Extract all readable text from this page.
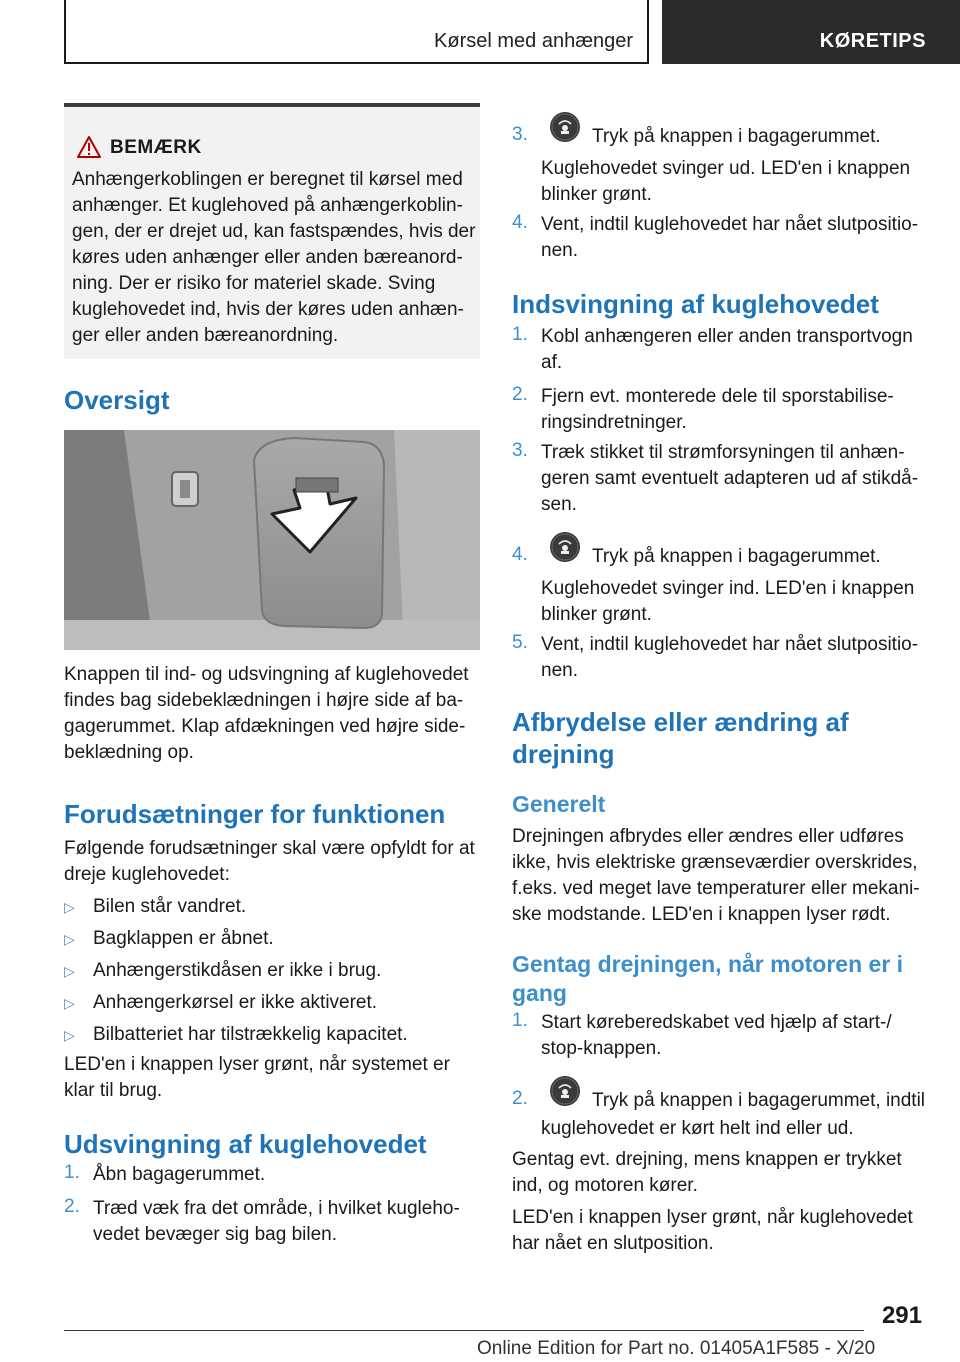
Kørsel med anhænger	KØRETIPS
BEMÆRK
Anhængerkoblingen er beregnet til kørsel med
anhænger. Et kuglehoved på anhængerkoblin‐
gen, der er drejet ud, kan fastspændes, hvis der
køres uden anhænger eller anden bæreanord‐
ning. Der er risiko for materiel skade. Sving
kuglehovedet ind, hvis der køres uden anhæn‐
ger eller anden bæreanordning.
Oversigt
Knappen til ind- og udsvingning af kuglehovedet
findes bag sidebeklædningen i højre side af ba‐
gagerummet. Klap afdækningen ved højre side‐
beklædning op.
Forudsætninger for funktionen
Følgende forudsætninger skal være opfyldt for at
dreje kuglehovedet:
▷ Bilen står vandret.
▷ Bagklappen er åbnet.
▷ Anhængerstikdåsen er ikke i brug.
▷ Anhængerkørsel er ikke aktiveret.
▷ Bilbatteriet har tilstrækkelig kapacitet.
LED'en i knappen lyser grønt, når systemet er
klar til brug.
Udsvingning af kuglehovedet
1. Åbn bagagerummet.
2. Træd væk fra det område, i hvilket kugleho‐
vedet bevæger sig bag bilen.
3.	Tryk på knappen i bagagerummet.
Kuglehovedet svinger ud. LED'en i knappen
blinker grønt.
4. Vent, indtil kuglehovedet har nået slutpositio‐
nen.
Indsvingning af kuglehovedet
1. Kobl anhængeren eller anden transportvogn
af.
2. Fjern evt. monterede dele til sporstabilise‐
ringsindretninger.
3. Træk stikket til strømforsyningen til anhæn‐
geren samt eventuelt adapteren ud af stikdå‐
sen.
4.	Tryk på knappen i bagagerummet.
Kuglehovedet svinger ind. LED'en i knappen
blinker grønt.
5. Vent, indtil kuglehovedet har nået slutpositio‐
nen.
Afbrydelse eller ændring af
drejning
Generelt
Drejningen afbrydes eller ændres eller udføres
ikke, hvis elektriske grænseværdier overskrides,
f.eks. ved meget lave temperaturer eller mekani‐
ske modstande. LED'en i knappen lyser rødt.
Gentag drejningen, når motoren er i
gang
1. Start køreberedskabet ved hjælp af start-/
stop-knappen.
2.	Tryk på knappen i bagagerummet, indtil
kuglehovedet er kørt helt ind eller ud.
Gentag evt. drejning, mens knappen er trykket
ind, og motoren kører.
LED'en i knappen lyser grønt, når kuglehovedet
har nået en slutposition.
291
Online Edition for Part no. 01405A1F585 - X/20
